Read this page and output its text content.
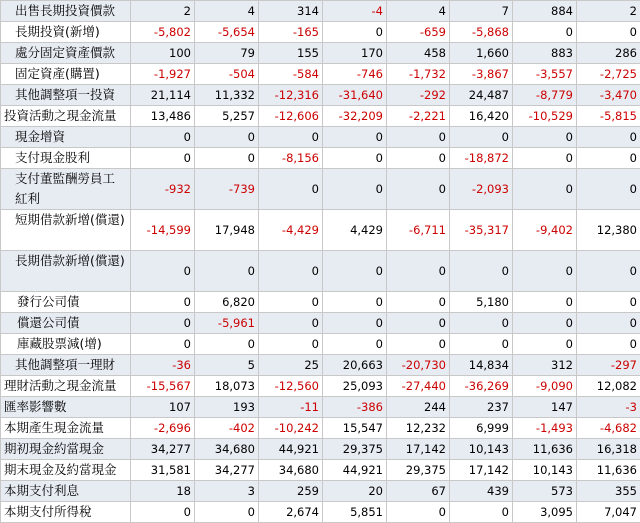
出售長期投資價款	2	4	314	-4	4	7	884	2
長期投資(新增)	-5,802	-5,654	-165	0	-659	-5,868	0	0
處分固定資產價款	100	79	155	170	458	1,660	883	286
固定資產(購置)	-1,927	-504	-584	-746	-1,732	-3,867	-3,557	-2,725
其他調整項一投資	21,114	11,332	-12,316	-31,640	-292	24,487	-8,779	-3,470
投資活動之現金流量	13,486	5,257	-12,606	-32,209	-2,221	16,420	-10,529	-5,815
現金增資	0	0	0	0	0	0	0	0
支付現金股利	0	0	-8,156	0	0	-18,872	0	0
支付董監酬勞員工紅利	-932	-739	0	0	0	-2,093	0	0
短期借款新增(償還)	-14,599	17,948	-4,429	4,429	-6,711	-35,317	-9,402	12,380
長期借款新增(償還)	0	0	0	0	0	0	0	0
發行公司債	0	6,820	0	0	0	5,180	0	0
償還公司債	0	-5,961	0	0	0	0	0	0
庫藏股票減(增)	0	0	0	0	0	0	0	0
其他調整項一理財	-36	5	25	20,663	-20,730	14,834	312	-297
理財活動之現金流量	-15,567	18,073	-12,560	25,093	-27,440	-36,269	-9,090	12,082
匯率影響數	107	193	-11	-386	244	237	147	-3
本期產生現金流量	-2,696	-402	-10,242	15,547	12,232	6,999	-1,493	-4,682
期初現金約當現金	34,277	34,680	44,921	29,375	17,142	10,143	11,636	16,318
期末現金及約當現金	31,581	34,277	34,680	44,921	29,375	17,142	10,143	11,636
本期支付利息	18	3	259	20	67	439	573	355
本期支付所得稅	0	0	2,674	5,851	0	0	3,095	7,047
